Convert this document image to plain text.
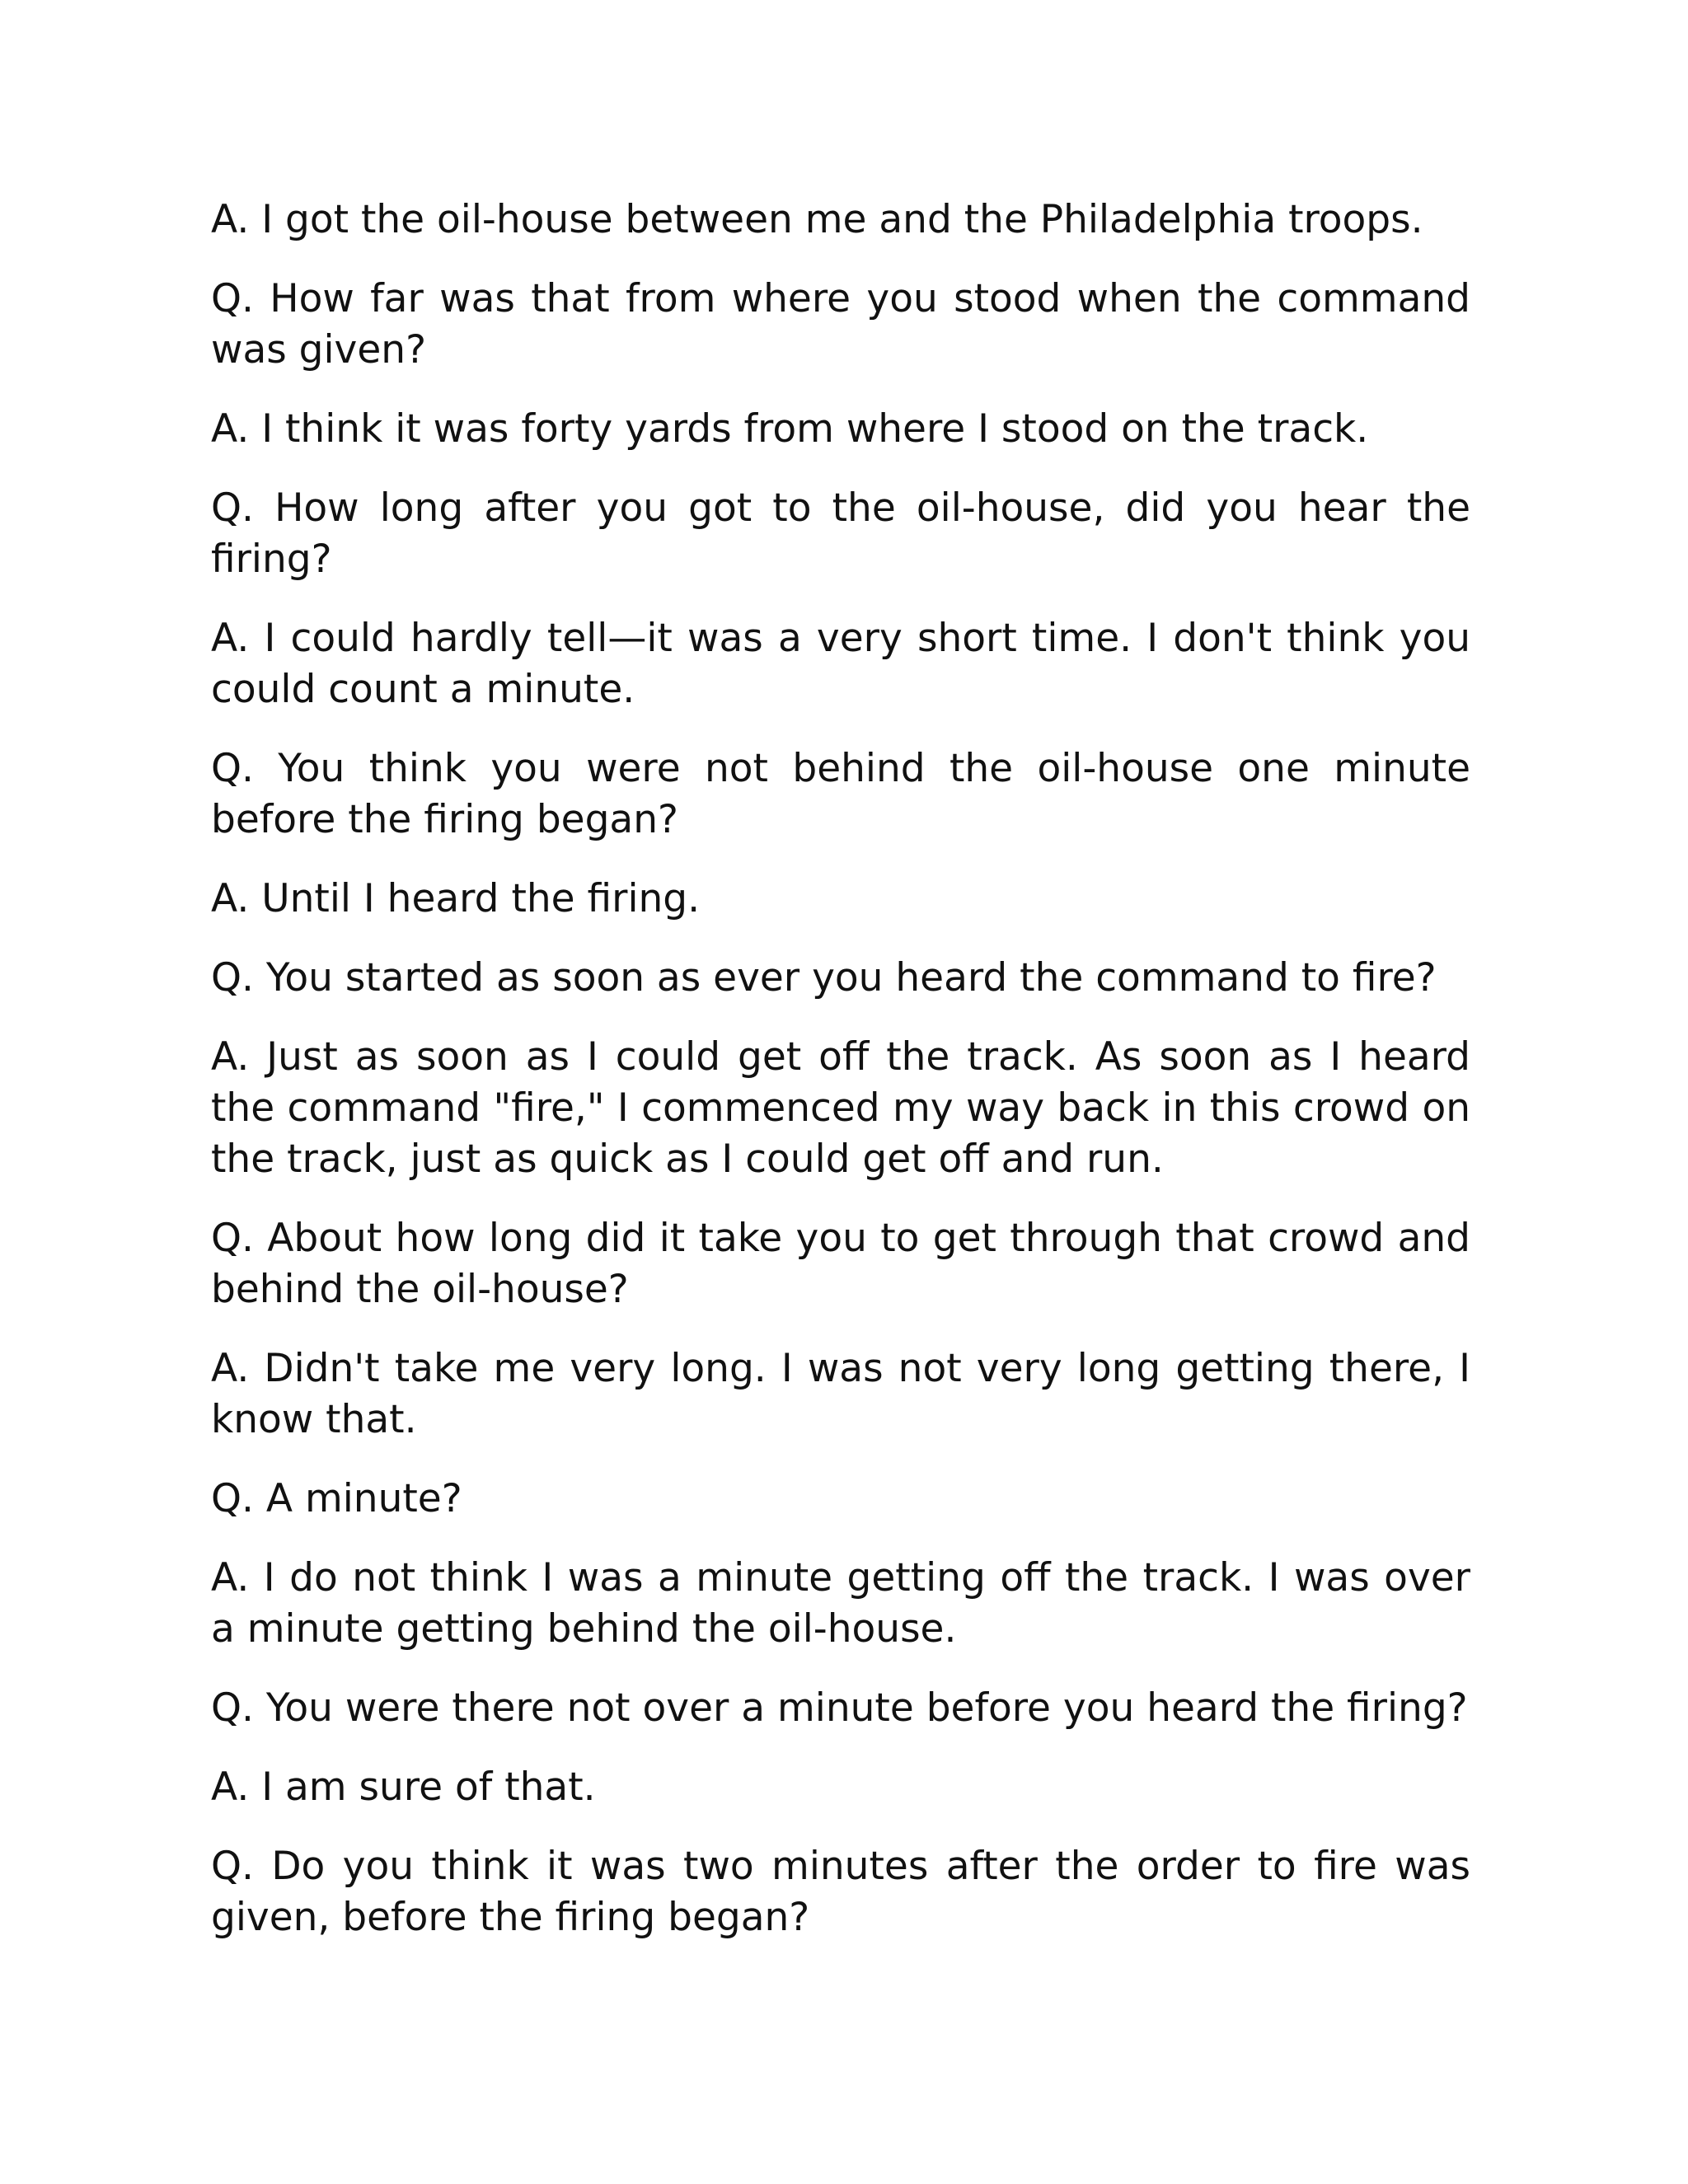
A. I got the oil-house between me and the Philadelphia troops.

Q. How far was that from where you stood when the command was given?

A. I think it was forty yards from where I stood on the track.

Q. How long after you got to the oil-house, did you hear the firing?

A. I could hardly tell—it was a very short time. I don't think you could count a minute.

Q. You think you were not behind the oil-house one minute before the firing began?

A. Until I heard the firing.

Q. You started as soon as ever you heard the command to fire?

A. Just as soon as I could get off the track. As soon as I heard the command "fire," I commenced my way back in this crowd on the track, just as quick as I could get off and run.

Q. About how long did it take you to get through that crowd and behind the oil-house?

A. Didn't take me very long. I was not very long getting there, I know that.

Q. A minute?

A. I do not think I was a minute getting off the track. I was over a minute getting behind the oil-house.

Q. You were there not over a minute before you heard the firing?

A. I am sure of that.

Q. Do you think it was two minutes after the order to fire was given, before the firing began?
